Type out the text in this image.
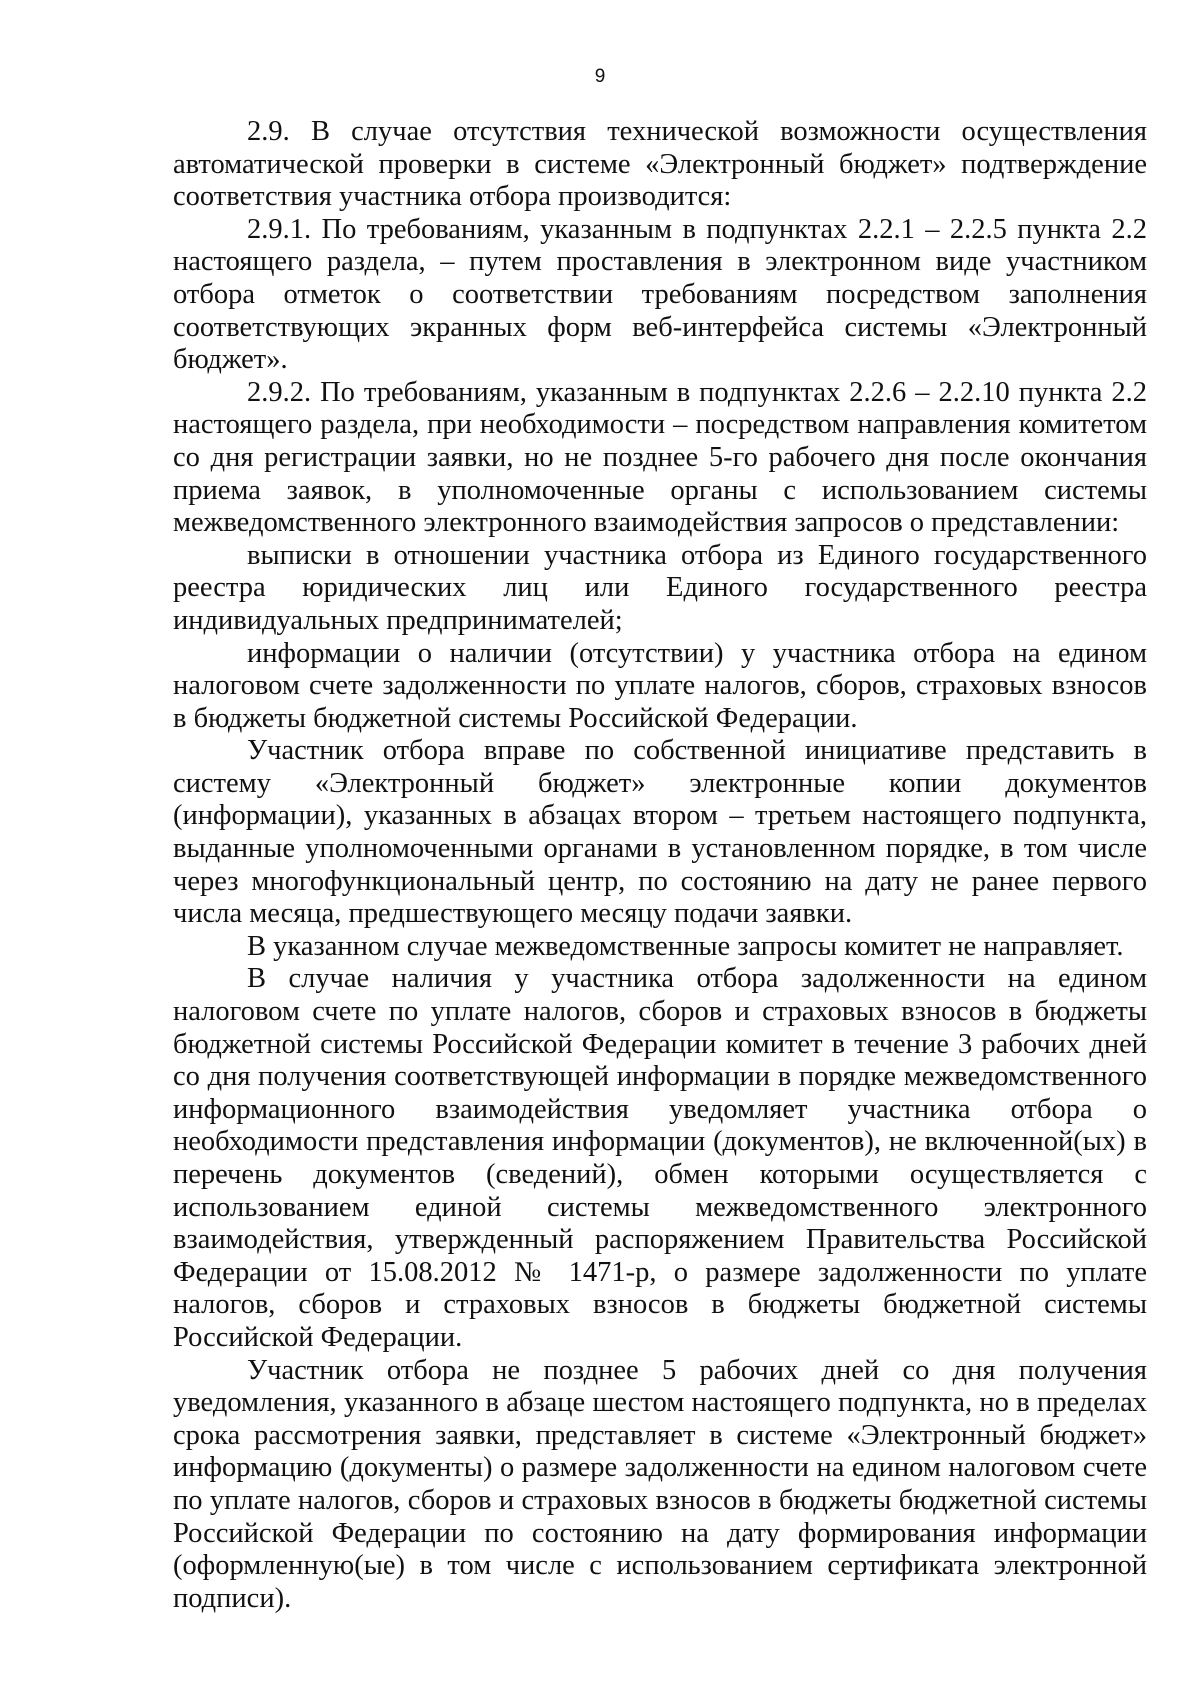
9

2.9. В случае отсутствия технической возможности осуществления автоматической проверки в системе «Электронный бюджет» подтверждение соответствия участника отбора производится:

2.9.1. По требованиям, указанным в подпунктах 2.2.1 – 2.2.5 пункта 2.2 настоящего раздела, – путем проставления в электронном виде участником отбора отметок о соответствии требованиям посредством заполнения соответствующих экранных форм веб-интерфейса системы «Электронный бюджет».

2.9.2. По требованиям, указанным в подпунктах 2.2.6 – 2.2.10 пункта 2.2 настоящего раздела, при необходимости – посредством направления комитетом со дня регистрации заявки, но не позднее 5-го рабочего дня после окончания приема заявок, в уполномоченные органы с использованием системы межведомственного электронного взаимодействия запросов о представлении:

выписки в отношении участника отбора из Единого государственного реестра юридических лиц или Единого государственного реестра индивидуальных предпринимателей;

информации о наличии (отсутствии) у участника отбора на едином налоговом счете задолженности по уплате налогов, сборов, страховых взносов в бюджеты бюджетной системы Российской Федерации.

Участник отбора вправе по собственной инициативе представить в систему «Электронный бюджет» электронные копии документов (информации), указанных в абзацах втором – третьем настоящего подпункта, выданные уполномоченными органами в установленном порядке, в том числе через многофункциональный центр, по состоянию на дату не ранее первого числа месяца, предшествующего месяцу подачи заявки.

В указанном случае межведомственные запросы комитет не направляет.

В случае наличия у участника отбора задолженности на едином налоговом счете по уплате налогов, сборов и страховых взносов в бюджеты бюджетной системы Российской Федерации комитет в течение 3 рабочих дней со дня получения соответствующей информации в порядке межведомственного информационного взаимодействия уведомляет участника отбора о необходимости представления информации (документов), не включенной(ых) в перечень документов (сведений), обмен которыми осуществляется с использованием единой системы межведомственного электронного взаимодействия, утвержденный распоряжением Правительства Российской Федерации от 15.08.2012 № 1471-р, о размере задолженности по уплате налогов, сборов и страховых взносов в бюджеты бюджетной системы Российской Федерации.

Участник отбора не позднее 5 рабочих дней со дня получения уведомления, указанного в абзаце шестом настоящего подпункта, но в пределах срока рассмотрения заявки, представляет в системе «Электронный бюджет» информацию (документы) о размере задолженности на едином налоговом счете по уплате налогов, сборов и страховых взносов в бюджеты бюджетной системы Российской Федерации по состоянию на дату формирования информации (оформленную(ые) в том числе с использованием сертификата электронной подписи).
